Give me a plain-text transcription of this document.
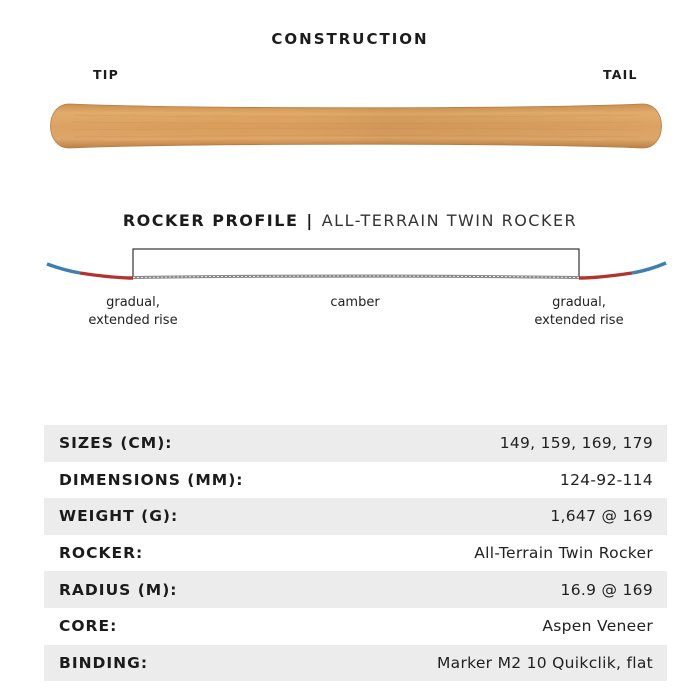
CONSTRUCTION
TIP	TAIL
ROCKER PROFILE | ALL-TERRAIN TWIN ROCKER
gradual,
extended rise
camber	gradual,
extended rise
SIZES (CM):	149, 159, 169, 179
DIMENSIONS (MM):	124-92-114
WEIGHT (G):	1,647 @ 169
ROCKER:	All-Terrain Twin Rocker
RADIUS (M):	16.9 @ 169
CORE:	Aspen Veneer
BINDING:	Marker M2 10 Quikclik, flat
